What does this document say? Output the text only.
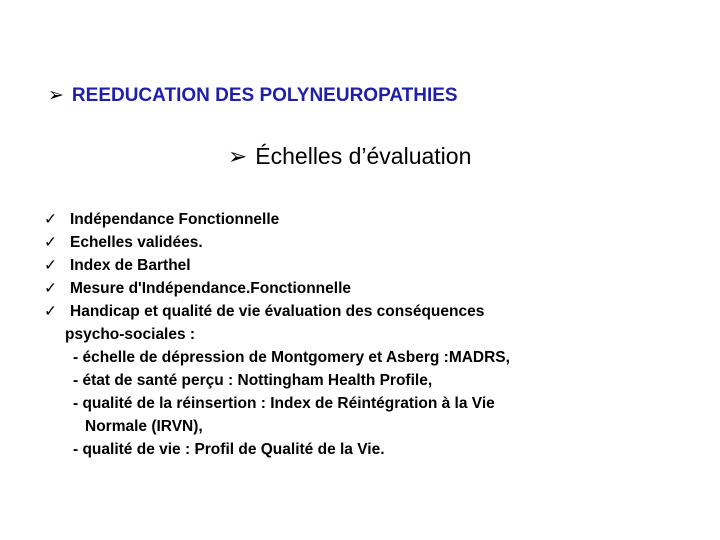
➢ REEDUCATION DES POLYNEUROPATHIES
➢ Échelles d’évaluation
✓ Indépendance Fonctionnelle
✓ Echelles validées.
✓ Index de Barthel
✓ Mesure d'Indépendance.Fonctionnelle
✓ Handicap et qualité de vie évaluation des conséquences
psycho-sociales :
- échelle de dépression de Montgomery et Asberg :MADRS,
- état de santé perçu : Nottingham Health Profile,
- qualité de la réinsertion : Index de Réintégration à la Vie
Normale (IRVN),
- qualité de vie : Profil de Qualité de la Vie.
